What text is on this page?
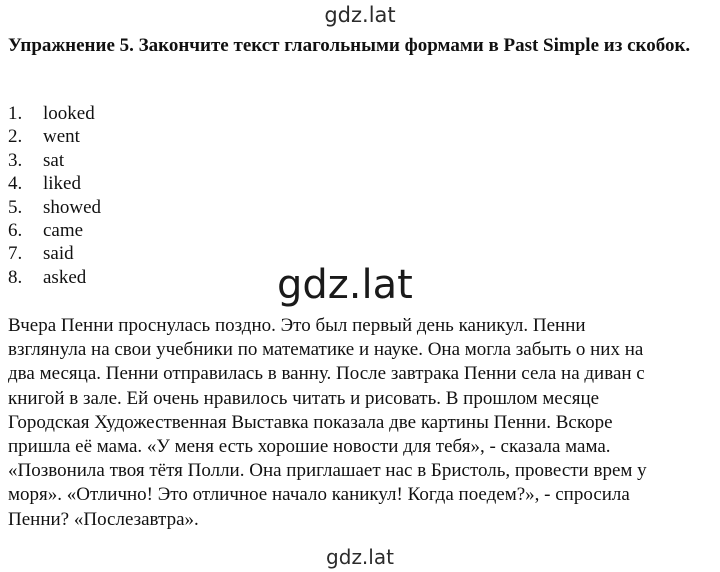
gdz.lat
Упражнение 5. Закончите текст глагольными формами в Past Simple из скобок.
1. looked
2. went
3. sat
4. liked
5. showed
6. came
7. said
8. asked	gdz.lat
Вчера Пенни проснулась поздно. Это был первый день каникул. Пенни
взглянула на свои учебники по математике и науке. Она могла забыть о них на
два месяца. Пенни отправилась в ванну. После завтрака Пенни села на диван с
книгой в зале. Ей очень нравилось читать и рисовать. В прошлом месяце
Городская Художественная Выставка показала две картины Пенни. Вскоре
пришла её мама. «У меня есть хорошие новости для тебя», - сказала мама.
«Позвонила твоя тётя Полли. Она приглашает нас в Бристоль, провести врем у
моря». «Отлично! Это отличное начало каникул! Когда поедем?», - спросила
Пенни? «Послезавтра».
gdz.lat
